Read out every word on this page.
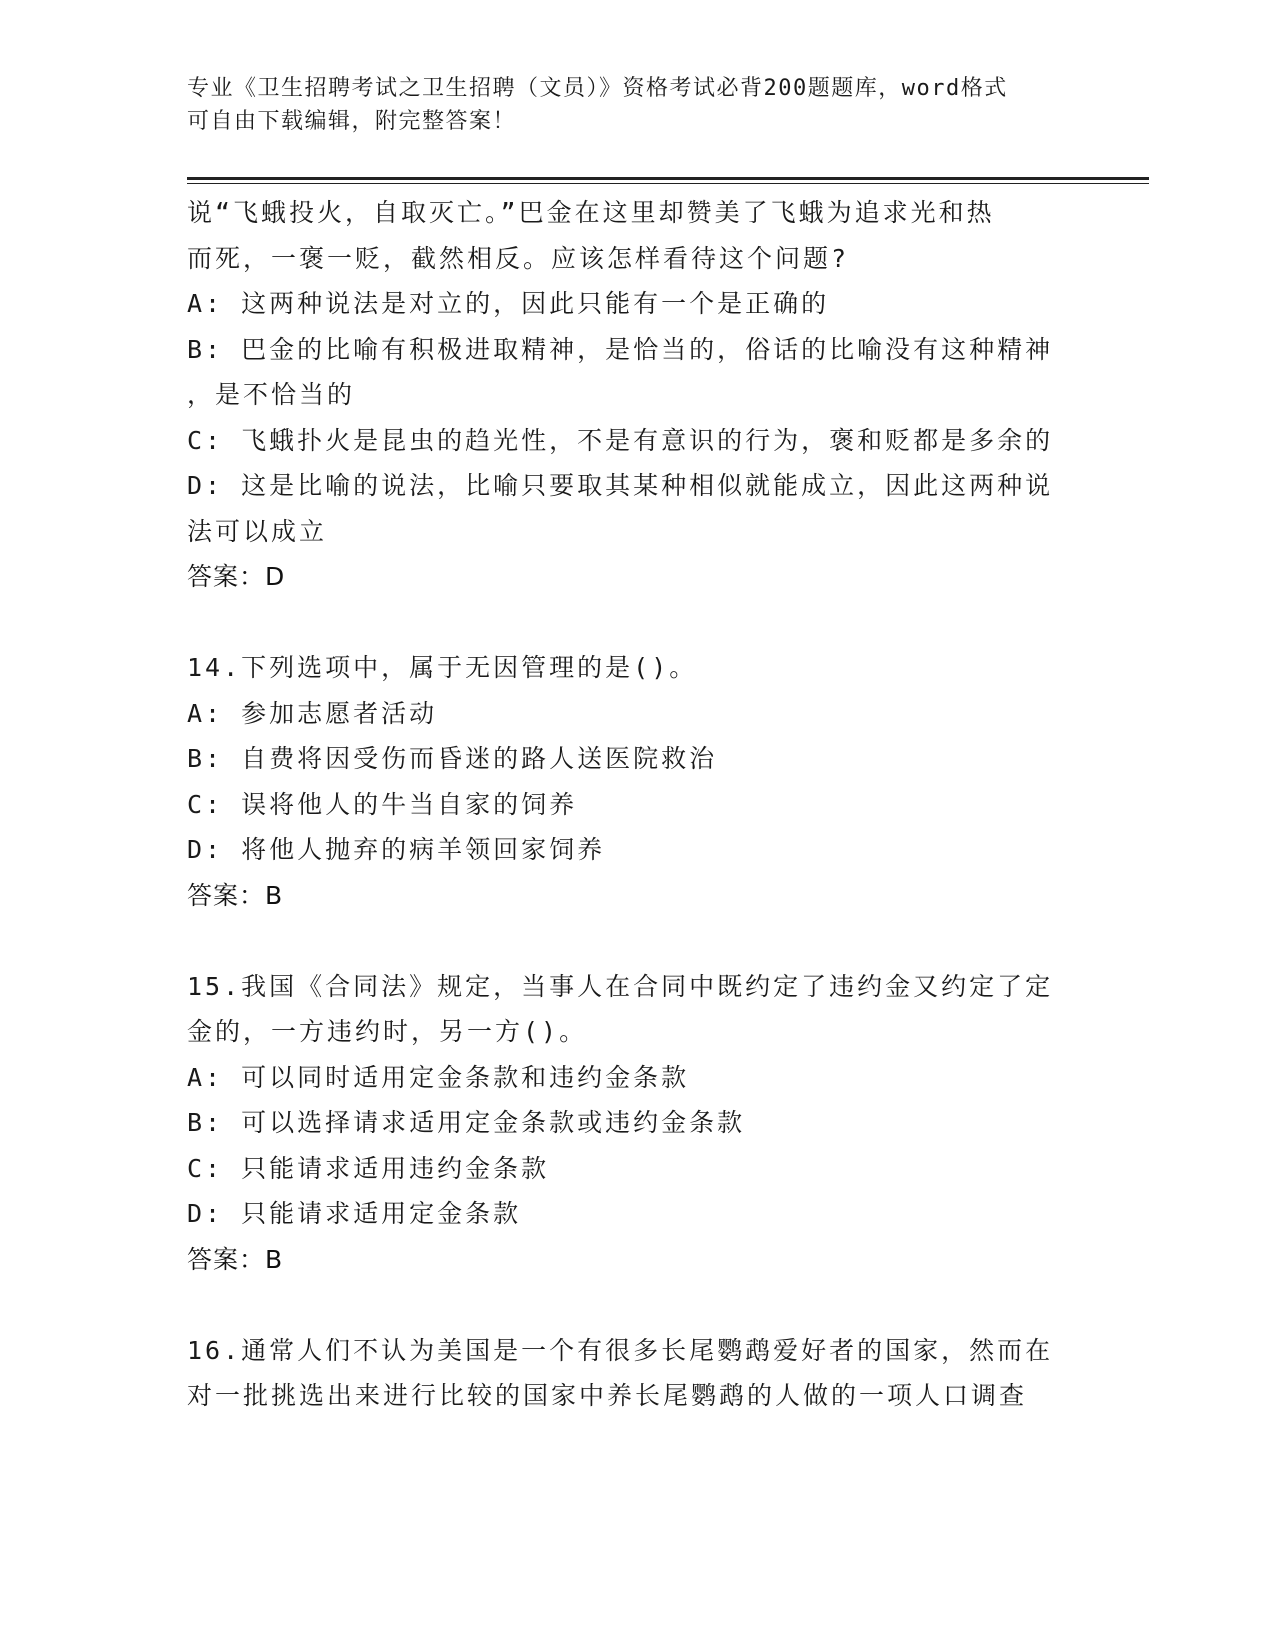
专业《卫生招聘考试之卫生招聘（文员）》资格考试必背200题题库，word格式
可自由下载编辑，附完整答案！
说“飞蛾投火，自取灭亡。”巴金在这里却赞美了飞蛾为追求光和热
而死，一褒一贬，截然相反。应该怎样看待这个问题?
A: 这两种说法是对立的，因此只能有一个是正确的
B: 巴金的比喻有积极进取精神，是恰当的，俗话的比喻没有这种精神
，是不恰当的
C: 飞蛾扑火是昆虫的趋光性，不是有意识的行为，褒和贬都是多余的
D: 这是比喻的说法，比喻只要取其某种相似就能成立，因此这两种说
法可以成立
答案：D
14.下列选项中，属于无因管理的是()。
A: 参加志愿者活动
B: 自费将因受伤而昏迷的路人送医院救治
C: 误将他人的牛当自家的饲养
D: 将他人抛弃的病羊领回家饲养
答案：B
15.我国《合同法》规定，当事人在合同中既约定了违约金又约定了定
金的，一方违约时，另一方()。
A: 可以同时适用定金条款和违约金条款
B: 可以选择请求适用定金条款或违约金条款
C: 只能请求适用违约金条款
D: 只能请求适用定金条款
答案：B
16.通常人们不认为美国是一个有很多长尾鹦鹉爱好者的国家，然而在
对一批挑选出来进行比较的国家中养长尾鹦鹉的人做的一项人口调查
